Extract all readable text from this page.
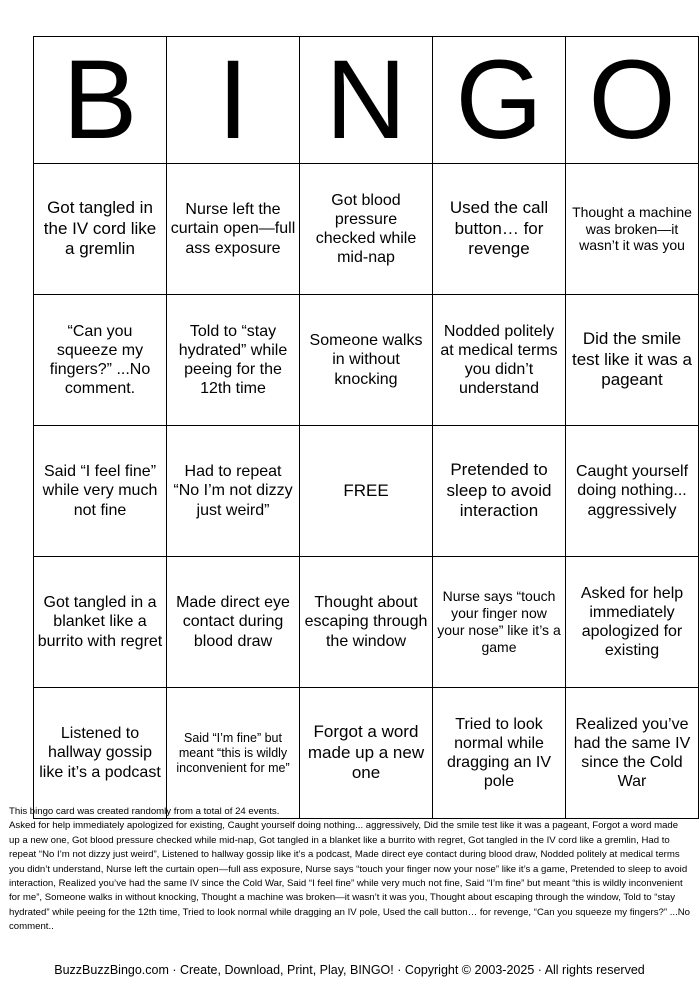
B	I	N	G	O
Got tangled in the IV cord like a gremlin	Nurse left the curtain open—full ass exposure	Got blood pressure checked while mid-nap	Used the call button… for revenge	Thought a machine was broken—it wasn’t it was you
“Can you squeeze my fingers?” ...No comment.	Told to “stay hydrated” while peeing for the 12th time	Someone walks in without knocking	Nodded politely at medical terms you didn’t understand	Did the smile test like it was a pageant
Said “I feel fine” while very much not fine	Had to repeat “No I’m not dizzy just weird”	FREE	Pretended to sleep to avoid interaction	Caught yourself doing nothing... aggressively
Got tangled in a blanket like a burrito with regret	Made direct eye contact during blood draw	Thought about escaping through the window	Nurse says “touch your finger now your nose” like it’s a game	Asked for help immediately apologized for existing
Listened to hallway gossip like it’s a podcast	Said “I’m fine” but meant “this is wildly inconvenient for me”	Forgot a word made up a new one	Tried to look normal while dragging an IV pole	Realized you’ve had the same IV since the Cold War

This bingo card was created randomly from a total of 24 events.

Asked for help immediately apologized for existing, Caught yourself doing nothing... aggressively, Did the smile test like it was a pageant, Forgot a word made up a new one, Got blood pressure checked while mid-nap, Got tangled in a blanket like a burrito with regret, Got tangled in the IV cord like a gremlin, Had to repeat “No I’m not dizzy just weird”, Listened to hallway gossip like it’s a podcast, Made direct eye contact during blood draw, Nodded politely at medical terms you didn’t understand, Nurse left the curtain open—full ass exposure, Nurse says “touch your finger now your nose” like it’s a game, Pretended to sleep to avoid interaction, Realized you’ve had the same IV since the Cold War, Said “I feel fine” while very much not fine, Said “I’m fine” but meant “this is wildly inconvenient for me”, Someone walks in without knocking, Thought a machine was broken—it wasn’t it was you, Thought about escaping through the window, Told to “stay hydrated” while peeing for the 12th time, Tried to look normal while dragging an IV pole, Used the call button… for revenge, “Can you squeeze my fingers?” ...No comment..

BuzzBuzzBingo.com · Create, Download, Print, Play, BINGO! · Copyright © 2003-2025 · All rights reserved
